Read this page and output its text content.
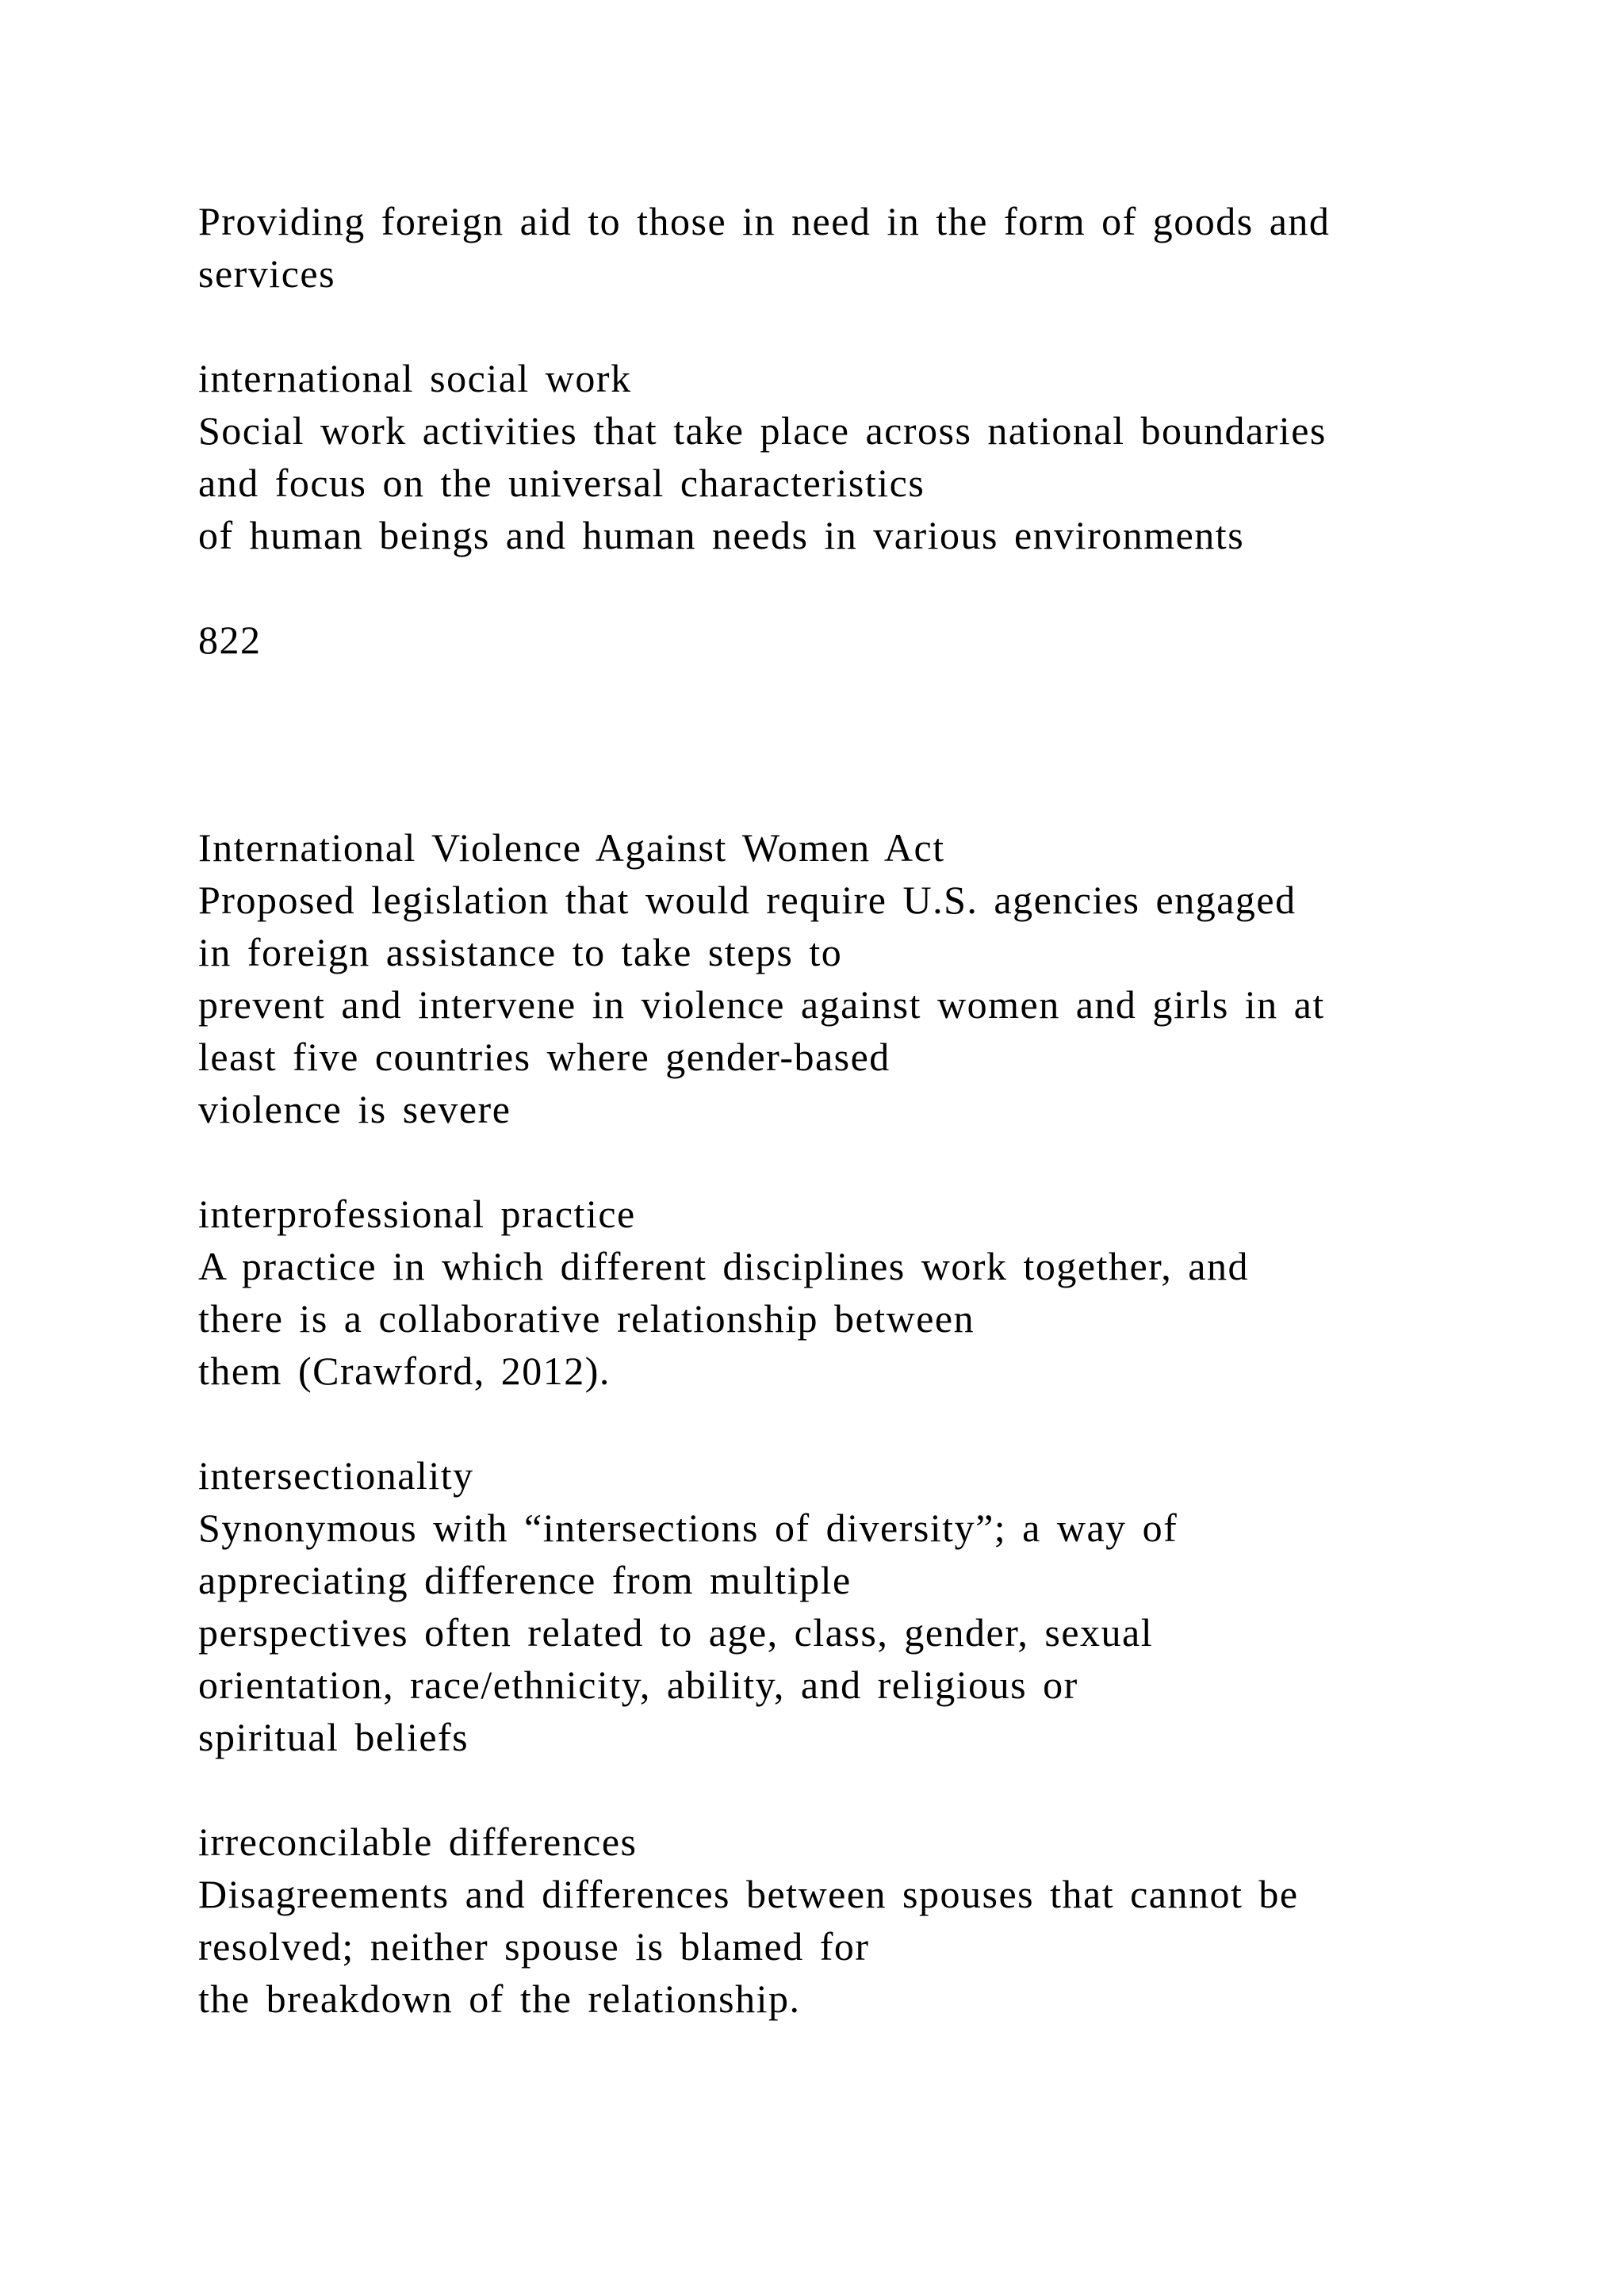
Providing foreign aid to those in need in the form of goods and
services
international social work
Social work activities that take place across national boundaries
and focus on the universal characteristics
of human beings and human needs in various environments
822
International Violence Against Women Act
Proposed legislation that would require U.S. agencies engaged
in foreign assistance to take steps to
prevent and intervene in violence against women and girls in at
least five countries where gender-based
violence is severe
interprofessional practice
A practice in which different disciplines work together, and
there is a collaborative relationship between
them (Crawford, 2012).
intersectionality
Synonymous with “intersections of diversity”; a way of
appreciating difference from multiple
perspectives often related to age, class, gender, sexual
orientation, race/ethnicity, ability, and religious or
spiritual beliefs
irreconcilable differences
Disagreements and differences between spouses that cannot be
resolved; neither spouse is blamed for
the breakdown of the relationship.
